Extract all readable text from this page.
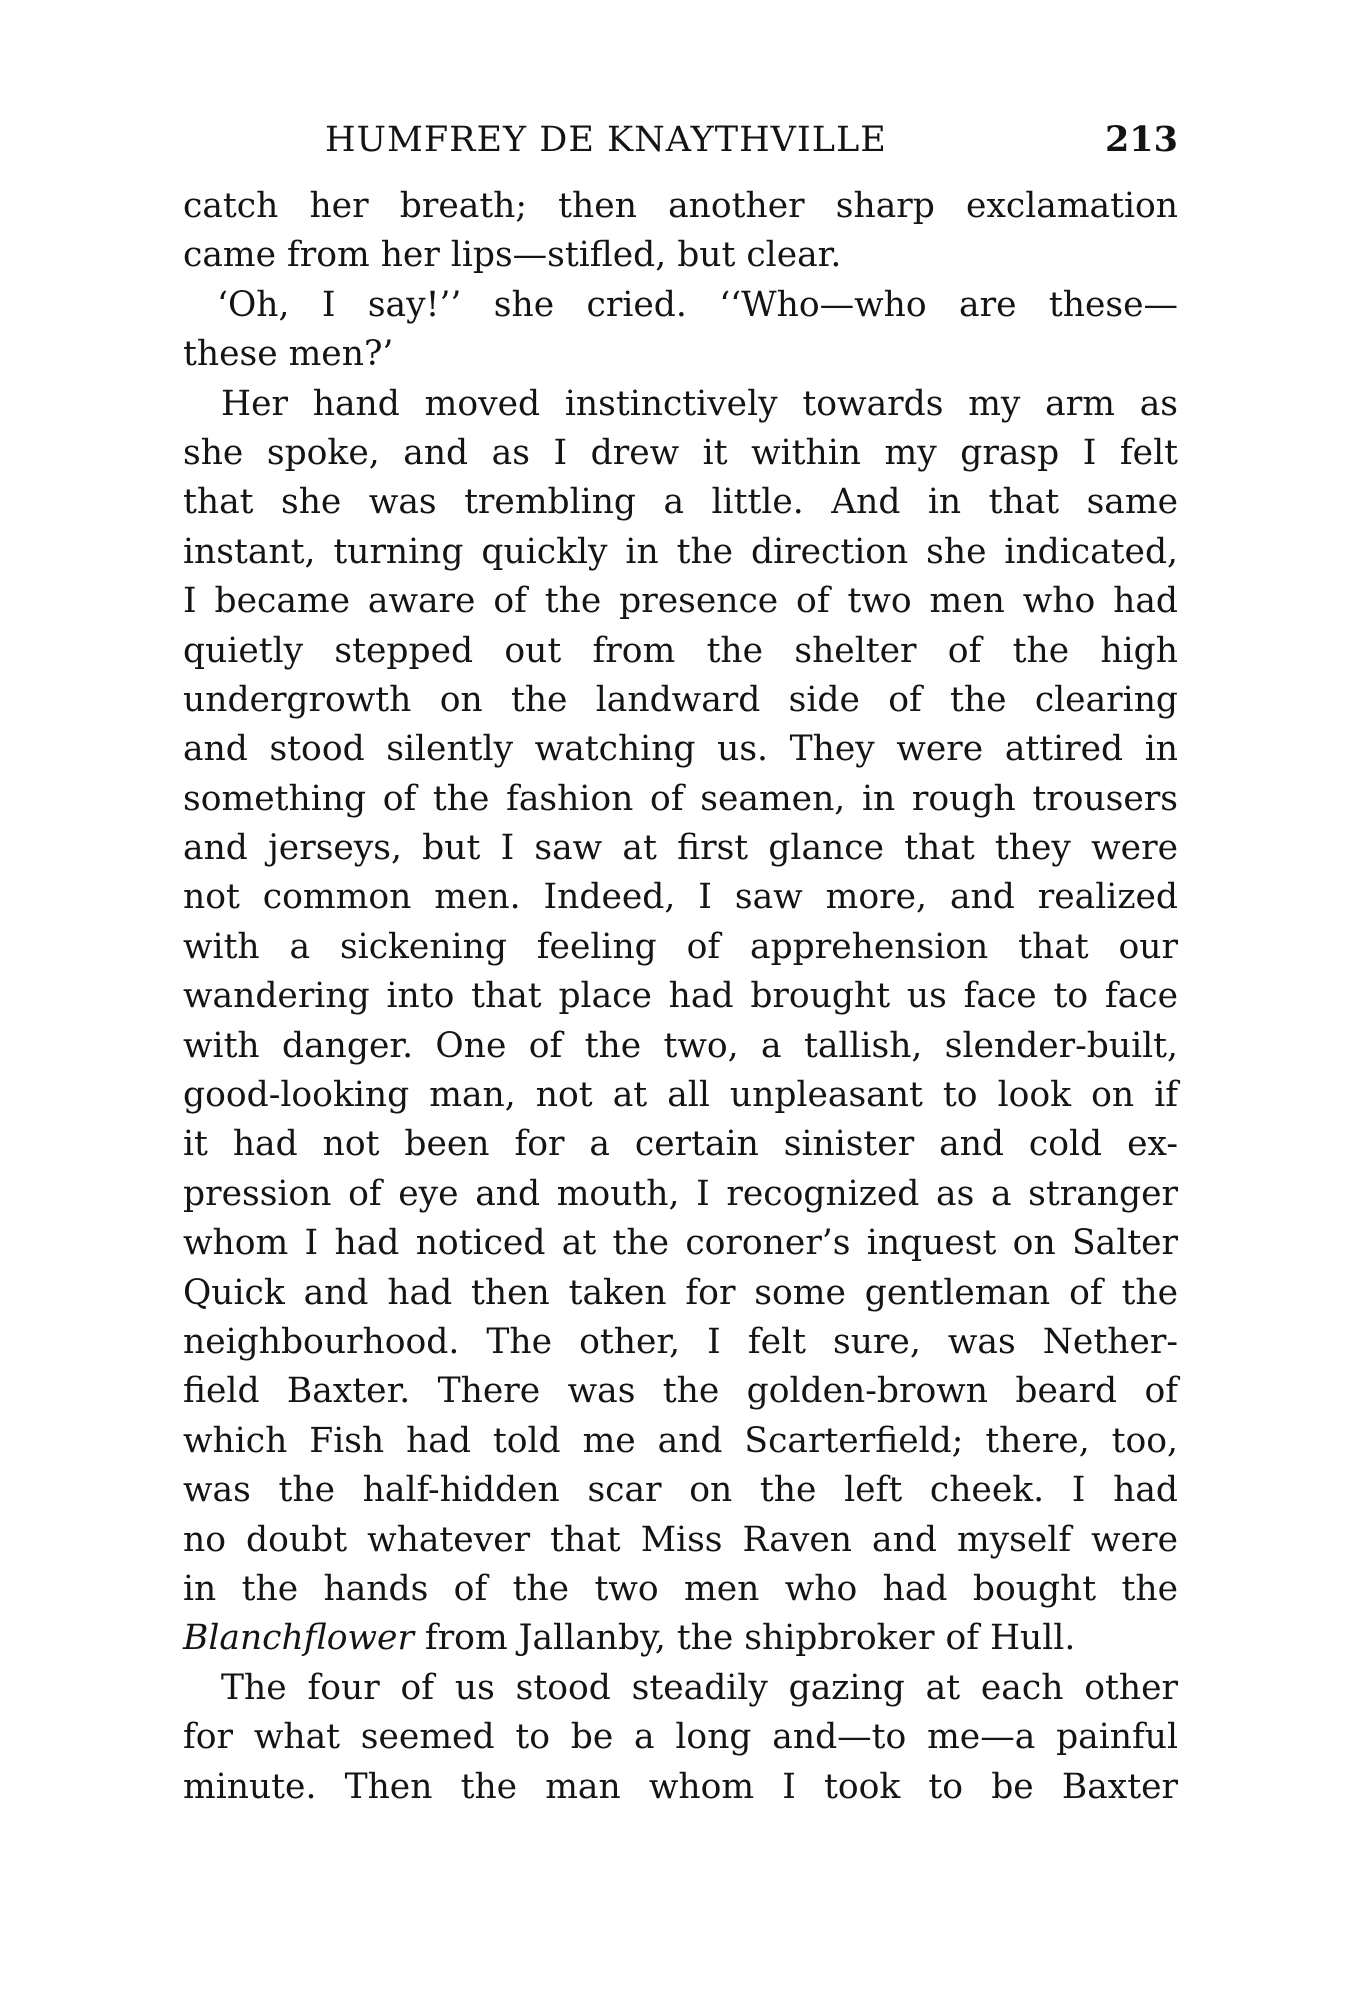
HUMFREY DE KNAYTHVILLE	213
catch her breath; then another sharp exclamation
came from her lips—stifled, but clear.
‘Oh, I say!’’ she cried. ‘‘Who—who are these—
these men?’
Her hand moved instinctively towards my arm as
she spoke, and as I drew it within my grasp I felt
that she was trembling a little. And in that same
instant, turning quickly in the direction she indicated,
I became aware of the presence of two men who had
quietly stepped out from the shelter of the high
undergrowth on the landward side of the clearing
and stood silently watching us. They were attired in
something of the fashion of seamen, in rough trousers
and jerseys, but I saw at first glance that they were
not common men. Indeed, I saw more, and realized
with a sickening feeling of apprehension that our
wandering into that place had brought us face to face
with danger. One of the two, a tallish, slender-built,
good-looking man, not at all unpleasant to look on if
it had not been for a certain sinister and cold ex-
pression of eye and mouth, I recognized as a stranger
whom I had noticed at the coroner’s inquest on Salter
Quick and had then taken for some gentleman of the
neighbourhood. The other, I felt sure, was Nether-
field Baxter. There was the golden-brown beard of
which Fish had told me and Scarterfield; there, too,
was the half-hidden scar on the left cheek. I had
no doubt whatever that Miss Raven and myself were
in the hands of the two men who had bought the
Blanchflower from Jallanby, the shipbroker of Hull.
The four of us stood steadily gazing at each other
for what seemed to be a long and—to me—a painful
minute. Then the man whom I took to be Baxter
